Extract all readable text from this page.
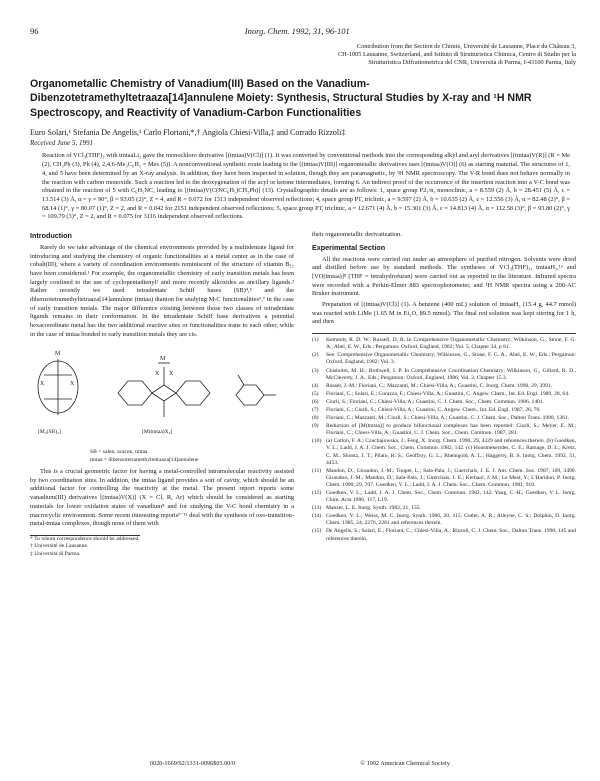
96	Inorg. Chem. 1992, 31, 96-101
Contribution from the Section de Chimie, Université de Lausanne, Place du Château 3,
CH-1005 Lausanne, Switzerland, and Istituto di Strutturistica Chimica, Centro di Studio per la
Strutturistica Diffrattometrica del CNR, Università di Parma, I-43100 Parma, Italy
Organometallic Chemistry of Vanadium(III) Based on the Vanadium-Dibenzotetramethyltetraaza[14]annulene Moiety: Synthesis, Structural Studies by X-ray and ¹H NMR Spectroscopy, and Reactivity of Vanadium-Carbon Functionalities
Euro Solari,¹ Stefania De Angelis,¹ Carlo Floriani,*,† Angiola Chiesi-Villa,‡ and Corrado Rizzoli‡
Received June 5, 1991
Reaction of VCl₃(THF)₃ with tmtaaLi₂ gave the monochloro derivative [(tmtaa)V(Cl)] (1). It was converted by conventional methods into the corresponding alkyl and aryl derivatives [(tmtaa)V(R)] (R = Me (2), CH₂Ph (3), Ph (4), 2,4,6-Me₃C₆H₂ = Mes (5)). A nonconventional synthetic route leading to the [(tmtaa)V(III)] organometallic derivatives uses [(tmtaa)V(O)] (6) as starting material. The structures of 1, 4, and 5 have been determined by an X-ray analysis. In addition, they have been inspected in solution, though they are paramagnetic, by ¹H NMR spectroscopy. The V-R bond does not behave normally in the reaction with carbon monoxide. Such a reaction led to the deoxygenation of the acyl or ketone intermediates, forming 6. An indirect proof of the occurrence of the insertion reaction into a V-C bond was obtained in the reaction of 5 with C₆H₅NC, leading to [(tmtaa)V(C(NC₆H₅)CH₂Ph)] (13). Crystallographic details are as follows: 1, space group P2₁/n, monoclinic, a = 8.559 (2) Å, b = 28.451 (5) Å, c = 13.514 (3) Å, α = γ = 90°, β = 93.05 (2)°, Z = 4, and R = 0.072 for 1313 independent observed reflections; 4, space group P1̄, triclinic, a = 9.597 (2) Å, b = 10.635 (2) Å, c = 12.556 (3) Å, α = 82.48 (2)°, β = 68.14 (1)°, γ = 80.07 (1)°, Z = 2, and R = 0.042 for 2151 independent observed reflections; 5, space group P1̄, triclinic, a = 12.671 (4) Å, b = 15.301 (3) Å, c = 14.813 (4) Å, α = 112.58 (3)°, β = 93.80 (2)°, γ = 109.79 (3)°, Z = 2, and R = 0.075 for 3116 independent observed reflections.
Introduction
Rarely do we take advantage of the chemical environments provided by a multidentate ligand for introducing and studying the chemistry of organic functionalities at a metal center as in the case of cobalt(III), where a variety of coordination environments reminiscent of the structure of vitamin B₁₂ have been considered.¹ For example, the organometallic chemistry of early transition metals has been largely confined to the use of cyclopentadienyl² and more recently alkoxides as ancillary ligands.³ Rather recently we used tetradentate Schiff bases (SB)⁴,⁵ and the dibenzotetramethyltetraaza[14]annulene (tmtaa) dianion for studying M-C functionalities⁶,⁷ in the case of early transition metals. The major difference existing between those two classes of tetradentate ligands remains in their conformation. In the tetradentate Schiff base derivatives a potential hexacoordinate metal has the two additional reactive sites or functionalities trans to each other, while in the case of tmtaa bonded to early transition metals they are cis.
X	X
M
M
X X
[M₂(SB)₂]	[M(tmtaa)X₂]
SB = salen, acacen, tmtaa
tmtaa = dibenzotetramethyltetraaza[14]annulene
This is a crucial geometric factor for having a metal-controlled intramolecular reactivity assisted by two coordination sites. In addition, the tmtaa ligand provides a sort of cavity, which should be an additional factor for controlling the reactivity at the metal. The present report reports some vanadium(III) derivatives [(tmtaa)V(X)] (X = Cl, R, Ar) which should be considered as starting materials for lower oxidation states of vanadium⁸ and for studying the V-C bond chemistry in a macrocyclic environment. Some recent interesting reports⁹⁻¹¹ deal with the synthesis of oxo-transition-metal-tmtaa complexes, though none of them with
* To whom correspondence should be addressed.
† Université de Lausanne.
‡ Università di Parma.
their organometallic derivatization.
Experimental Section
All the reactions were carried out under an atmosphere of purified nitrogen. Solvents were dried and distilled before use by standard methods. The syntheses of VCl₃(THF)₃, tmtaaH₂,¹³ and [VO(tmtaa)]⁸ (THF = tetrahydrofuran) were carried out as reported in the literature. Infrared spectra were recorded with a Perkin-Elmer 883 spectrophotometer, and ¹H NMR spectra using a 200-AC Bruker instrument.
Preparation of [(tmtaa)V(Cl)] (1). A benzene (400 mL) solution of tmtaaH₂ (15.4 g, 44.7 mmol) was reacted with LiMe (1.65 M in Et₂O, 89.5 mmol). The final red solution was kept stirring for 1 h, and then
(1)	Kemmitt, R. D. W.; Russell, D. R. In Comprehensive Organometallic Chemistry; Wilkinson, G., Stone, F. G. A., Abel, E. W., Eds.; Pergamon: Oxford, England, 1982; Vol. 5, Chapter 34, p 81.
(2)	See: Comprehensive Organometallic Chemistry; Wilkinson, G., Stone, F. G. A., Abel, E. W., Eds.; Pergamon: Oxford, England, 1982; Vol. 3.
(3)	Chisholm, M. H.; Rothwell, I. P. In Comprehensive Coordination Chemistry; Wilkinson, G., Gillard, R. D., McCleverty, J. A., Eds.; Pergamon: Oxford, England, 1986; Vol. 2, Chapter 15.3.
(4)	Rosset, J.-M.; Floriani, C.; Mazzanti, M.; Chiesi-Villa, A.; Guastini, C. Inorg. Chem. 1990, 29, 3991.
(5)	Floriani, C.; Solari, E.; Corazza, F.; Chiesi-Villa, A.; Guastini, C. Angew. Chem., Int. Ed. Engl. 1989, 28, 64.
(6)	Ciurli, S.; Floriani, C.; Chiesi-Villa, A.; Guastini, C. J. Chem. Soc., Chem. Commun. 1986, 1401.
(7)	Floriani, C.; Ciurli, S.; Chiesi-Villa, A.; Guastini, C. Angew. Chem., Int. Ed. Engl. 1987, 26, 70.
(8)	Floriani, C.; Mazzanti, M.; Ciurli, S.; Chiesi-Villa, A.; Guastini, C. J. Chem. Soc., Dalton Trans. 1988, 1361.
(9)	Reduction of [M(tmtaa)] to produce bifunctional complexes has been reported: Ciurli, S.; Meyer, E. M.; Floriani, C.; Chiesi-Villa, A.; Guastini, C. J. Chem. Soc., Chem. Commun. 1987, 281.
(10) (a) Cotton, F. A.; Czuchajowska, J.; Feng, X. Inorg. Chem. 1990, 29, 4329 and references therein. (b) Goedken, V. L.; Ladd, J. A. J. Chem. Soc., Chem. Commun. 1982, 142. (c) Housmekerides, C. E.; Ramage, D. L.; Kretz, C. M.; Shontz, J. T.; Pilato, R. S.; Geoffroy, G. L.; Rheingold, A. L.; Haggerty, B. S. Inorg. Chem. 1992, 31, 4453.
(11) Mandon, D.; Giraudon, J.-M.; Toupet, L.; Sala-Pala, J.; Guerchais, J. E. J. Am. Chem. Soc. 1987, 109, 3490. Giraudon, J.-M.; Mandon, D.; Sala-Pala, J.; Guerchais, J. E.; Kerbaol, J. M.; Le Mest, Y.; L'Haridon, P. Inorg. Chem. 1990, 29, 707. Goedken, V. L.; Ladd, J. A. J. Chem. Soc., Chem. Commun. 1981, 910.
(12) Goedken, V. L.; Ladd, J. A. J. Chem. Soc., Chem. Commun. 1982, 142. Yang, C.-H.; Goedken, V. L. Inorg. Chim. Acta 1986, 117, L19.
(13) Manzer, L. E. Inorg. Synth. 1982, 21, 135.
(14) Goedken, V. L.; Weiss, M. C. Inorg. Synth. 1980, 20, 115. Cutler, A. R.; Alleyne, C. S.; Dolphin, D. Inorg. Chem. 1985, 24, 2276, 2281 and references therein.
(15) De Angelis, S.; Solari, E.; Floriani, C.; Chiesi-Villa, A.; Rizzoli, C. J. Chem. Soc., Dalton Trans. 1990, 145 and references therein.
0020-1669/92/1331-0096$03.00/0	© 1992 American Chemical Society
